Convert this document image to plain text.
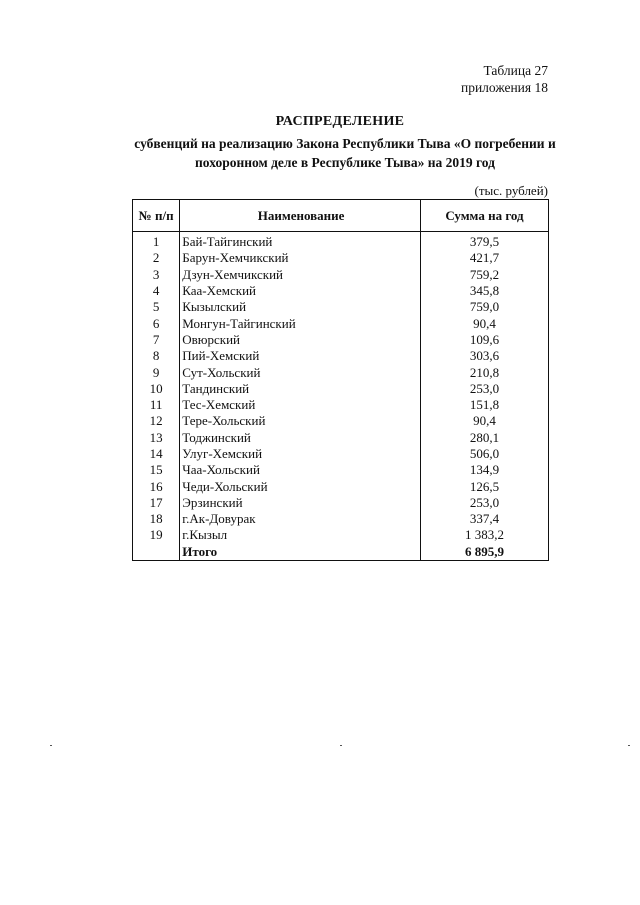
Таблица 27
приложения 18
РАСПРЕДЕЛЕНИЕ
субвенций на реализацию Закона Республики Тыва «О погребении и
похоронном деле в Республике Тыва» на 2019 год
(тыс. рублей)
№ п/п	Наименование	Сумма на год
1	Бай-Тайгинский	379,5
2	Барун-Хемчикский	421,7
3	Дзун-Хемчикский	759,2
4	Каа-Хемский	345,8
5	Кызылский	759,0
6	Монгун-Тайгинский	90,4
7	Овюрский	109,6
8	Пий-Хемский	303,6
9	Сут-Хольский	210,8
10	Тандинский	253,0
11	Тес-Хемский	151,8
12	Тере-Хольский	90,4
13	Тоджинский	280,1
14	Улуг-Хемский	506,0
15	Чаа-Хольский	134,9
16	Чеди-Хольский	126,5
17	Эрзинский	253,0
18	г.Ак-Довурак	337,4
19	г.Кызыл	1 383,2
	Итого	6 895,9
